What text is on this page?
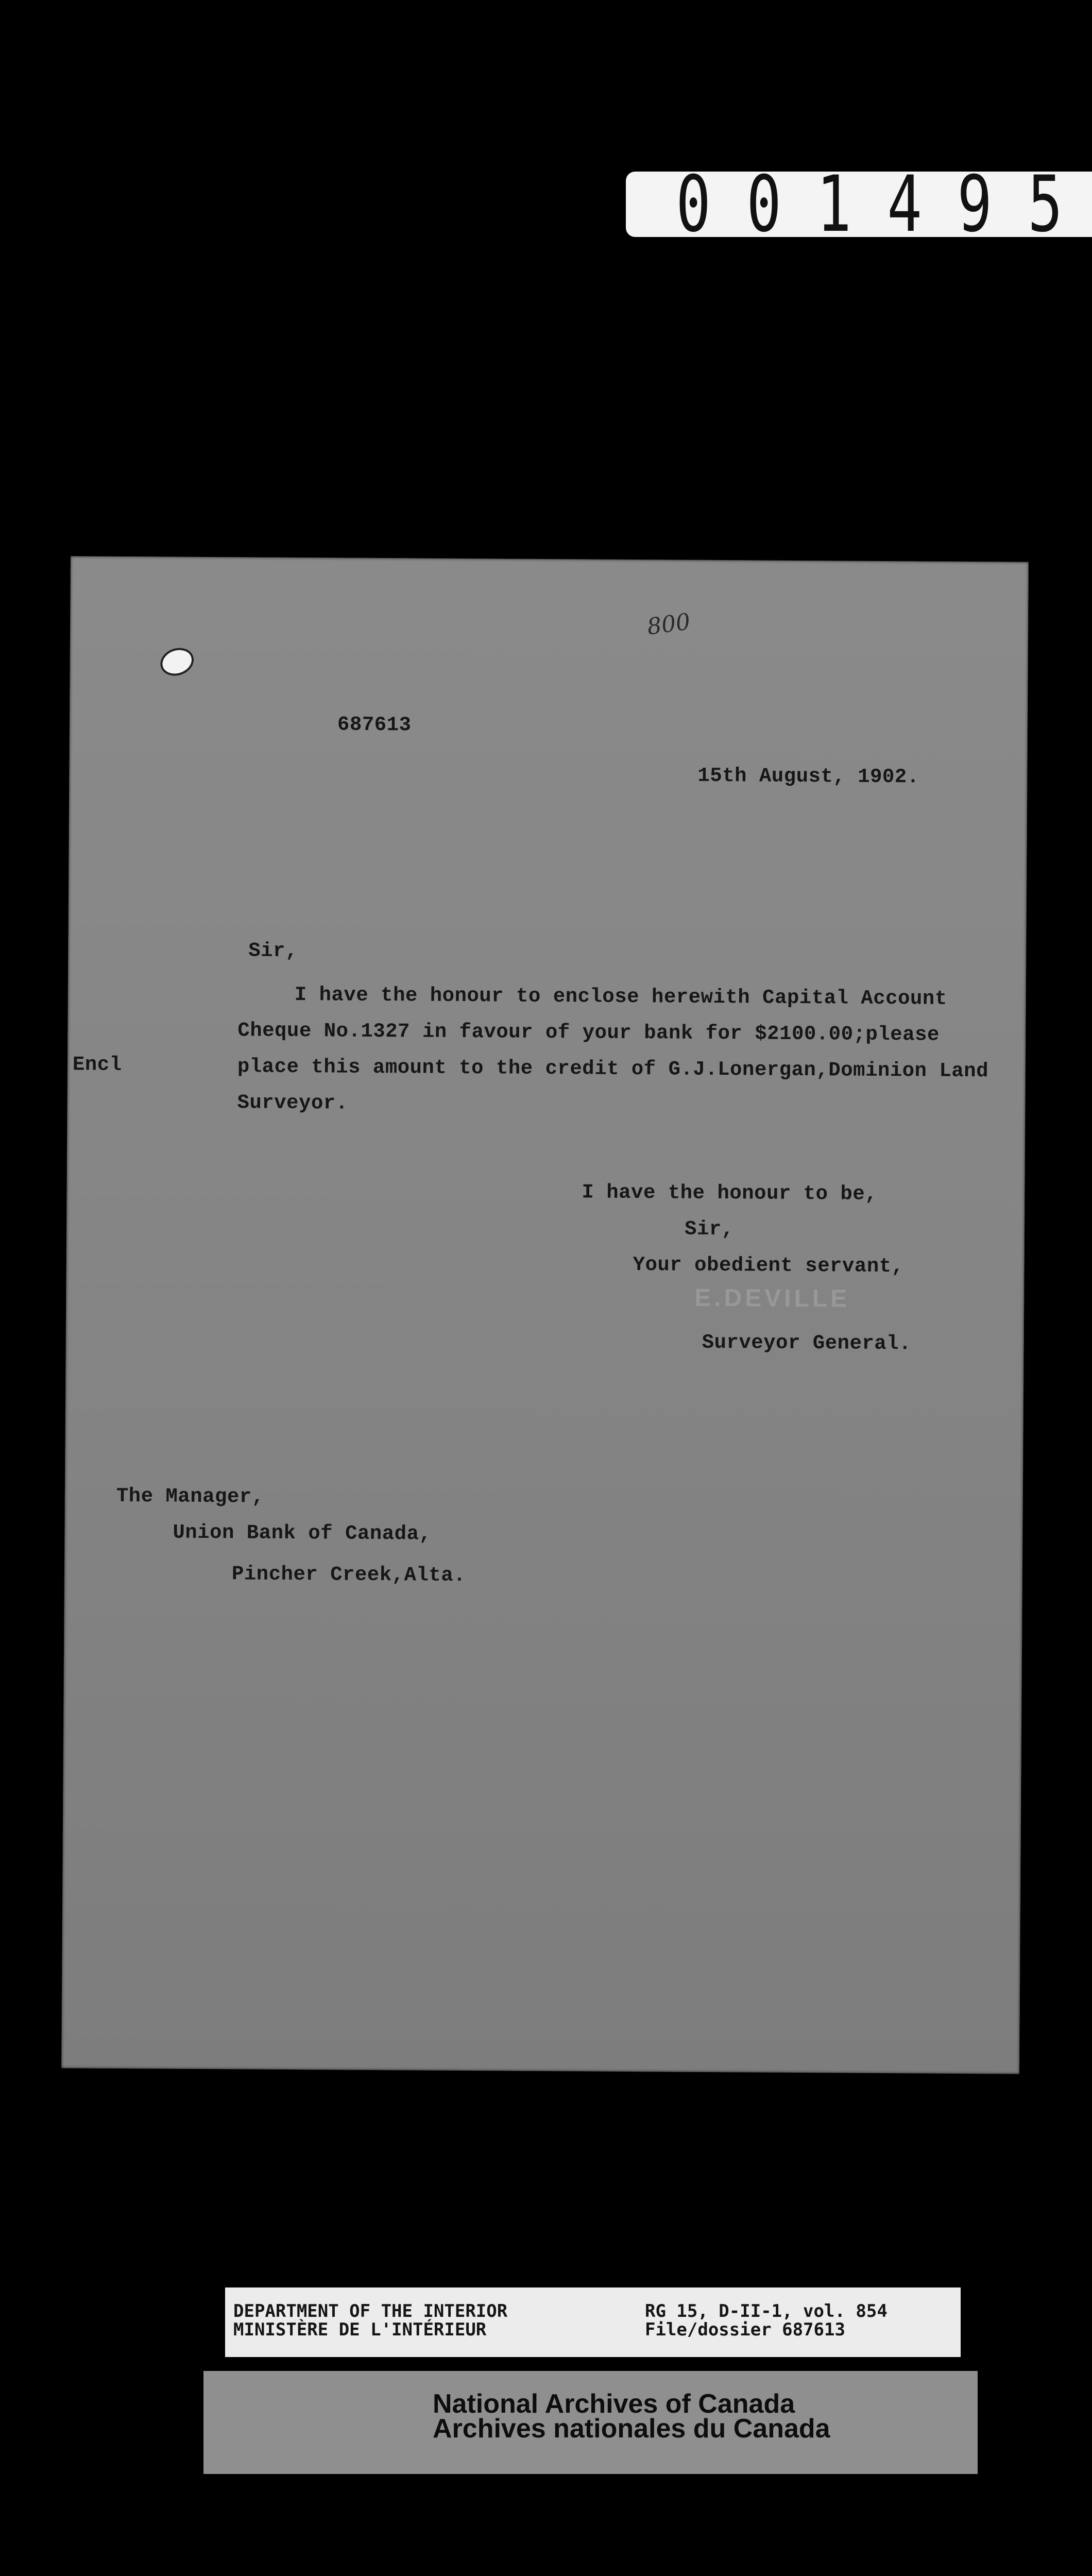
0 0 1 4 9 5
800
687613
15th August, 1902.
Sir,
I have the honour to enclose herewith Capital Account
Cheque No.1327 in favour of your bank for $2100.00;please
Encl	place this amount to the credit of G.J.Lonergan,Dominion Land
Surveyor.
I have the honour to be,
Sir,
Your obedient servant,
E.DEVILLE
Surveyor General.
The Manager,
Union Bank of Canada,
Pincher Creek,Alta.
DEPARTMENT OF THE INTERIOR
MINISTÈRE DE L'INTÉRIEUR
RG 15, D-II-1, vol. 854
File/dossier 687613
National Archives of Canada
Archives nationales du Canada
